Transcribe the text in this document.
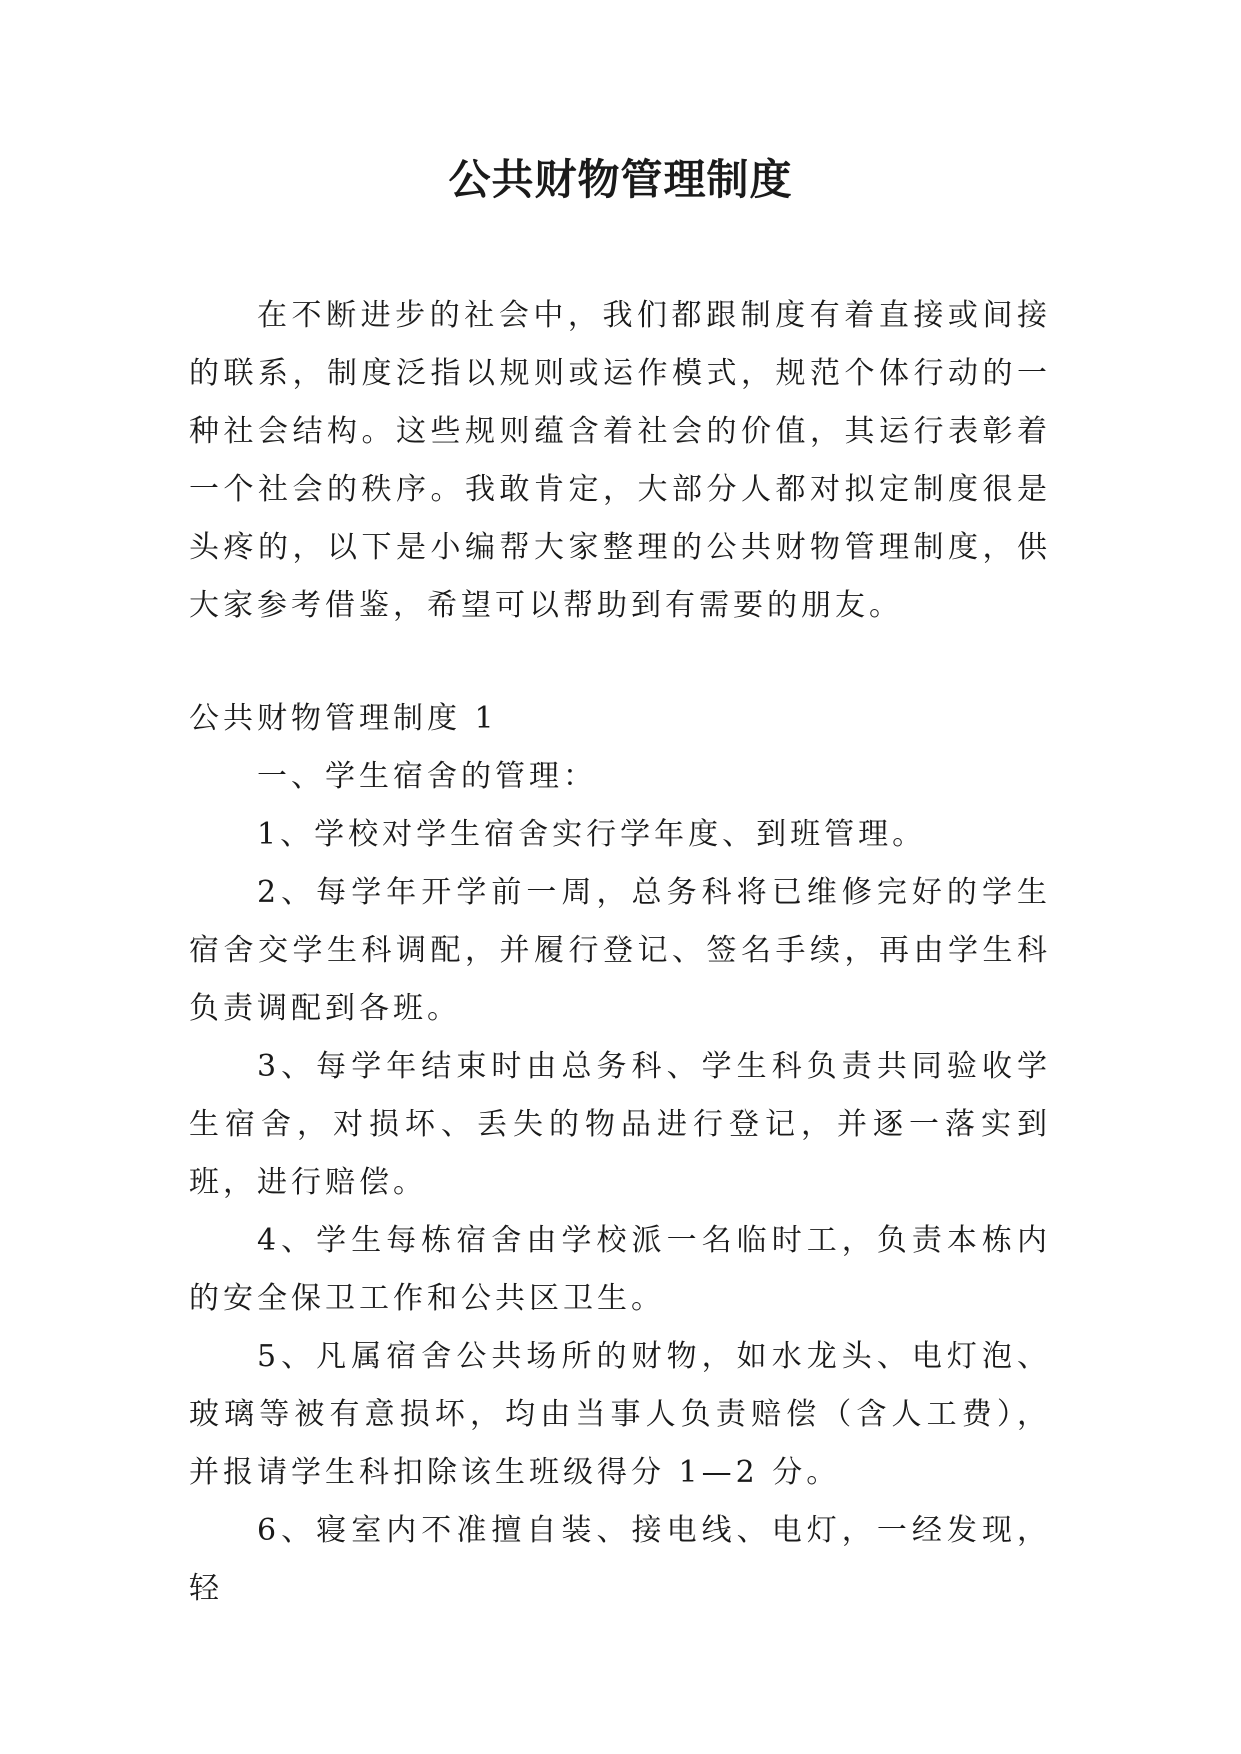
公共财物管理制度

在不断进步的社会中，我们都跟制度有着直接或间接的联系，制度泛指以规则或运作模式，规范个体行动的一种社会结构。这些规则蕴含着社会的价值，其运行表彰着一个社会的秩序。我敢肯定，大部分人都对拟定制度很是头疼的，以下是小编帮大家整理的公共财物管理制度，供大家参考借鉴，希望可以帮助到有需要的朋友。

公共财物管理制度 1

一、学生宿舍的管理：

1、学校对学生宿舍实行学年度、到班管理。

2、每学年开学前一周，总务科将已维修完好的学生宿舍交学生科调配，并履行登记、签名手续，再由学生科负责调配到各班。

3、每学年结束时由总务科、学生科负责共同验收学生宿舍，对损坏、丢失的物品进行登记，并逐一落实到班，进行赔偿。

4、学生每栋宿舍由学校派一名临时工，负责本栋内的安全保卫工作和公共区卫生。

5、凡属宿舍公共场所的财物，如水龙头、电灯泡、玻璃等被有意损坏，均由当事人负责赔偿（含人工费），并报请学生科扣除该生班级得分 1—2 分。

6、寝室内不准擅自装、接电线、电灯，一经发现，轻
